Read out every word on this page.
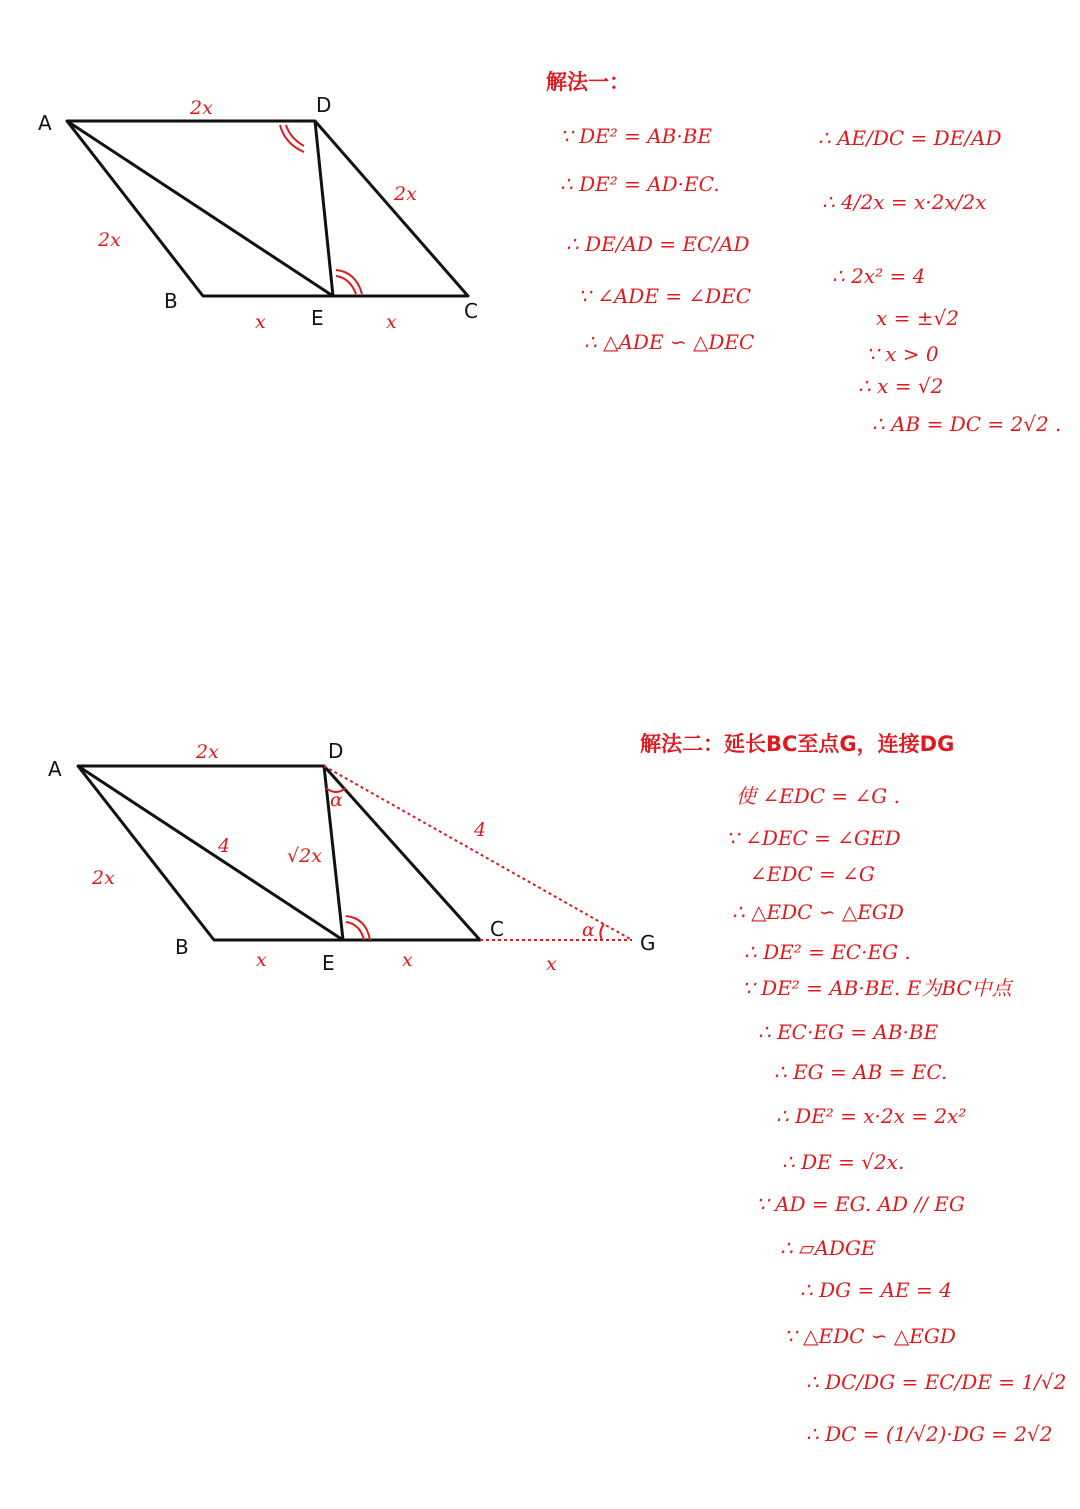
A
D
B
E	C
2x
2x
2x
x	x
A
D
B
E
C
G
2x
2x
4	√2x
4
x	x	x
α
α
解法一：
∵ DE² = AB·BE
∴ DE² = AD·EC.
∴ DE/AD = EC/AD
∵ ∠ADE = ∠DEC
∴ △ADE ∽ △DEC
∴ AE/DC = DE/AD
∴ 4/2x = x·2x/2x
∴ 2x² = 4
x = ±√2
∵ x > 0
∴ x = √2
∴ AB = DC = 2√2 .
解法二：延长BC至点G，连接DG
使 ∠EDC = ∠G .
∵ ∠DEC = ∠GED
∠EDC = ∠G
∴ △EDC ∽ △EGD
∴ DE² = EC·EG .
∵ DE² = AB·BE. E为BC中点
∴ EC·EG = AB·BE
∴ EG = AB = EC.
∴ DE² = x·2x = 2x²
∴ DE = √2x.
∵ AD = EG. AD // EG
∴ ▱ADGE
∴ DG = AE = 4
∵ △EDC ∽ △EGD
∴ DC/DG = EC/DE = 1/√2
∴ DC = (1/√2)·DG = 2√2
